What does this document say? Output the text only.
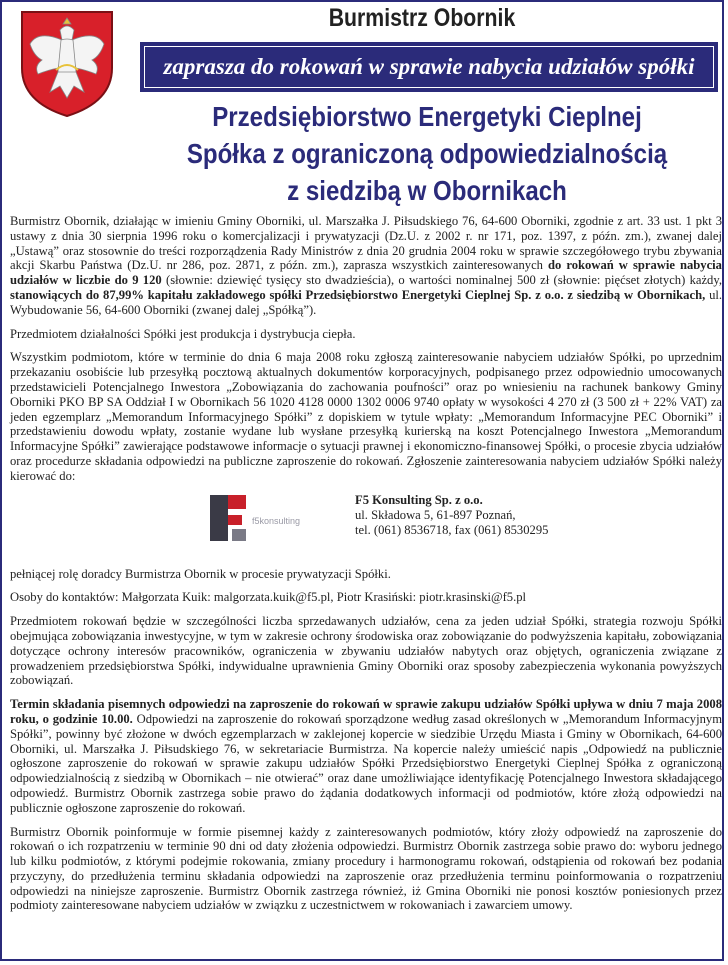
Burmistrz Obornik
zaprasza do rokowań w sprawie nabycia udziałów spółki
Przedsiębiorstwo Energetyki Cieplnej
Spółka z ograniczoną odpowiedzialnością
z siedzibą w Obornikach

Burmistrz Obornik, działając w imieniu Gminy Oborniki, ul. Marszałka J. Piłsudskiego 76, 64-600 Oborniki, zgodnie z art. 33 ust. 1 pkt 3 ustawy z dnia 30 sierpnia 1996 roku o komercjalizacji i prywatyzacji (Dz.U. z 2002 r. nr 171, poz. 1397, z późn. zm.), zwanej dalej „Ustawą” oraz stosownie do treści rozporządzenia Rady Ministrów z dnia 20 grudnia 2004 roku w sprawie szczegółowego trybu zbywania akcji Skarbu Państwa (Dz.U. nr 286, poz. 2871, z późn. zm.), zaprasza wszystkich zainteresowanych do rokowań w sprawie nabycia udziałów w liczbie do 9 120 (słownie: dziewięć tysięcy sto dwadzieścia), o wartości nominalnej 500 zł (słownie: pięćset złotych) każdy, stanowiących do 87,99% kapitału zakładowego spółki Przedsiębiorstwo Energetyki Cieplnej Sp. z o.o. z siedzibą w Obornikach, ul. Wybudowanie 56, 64-600 Oborniki (zwanej dalej „Spółką”).

Przedmiotem działalności Spółki jest produkcja i dystrybucja ciepła.

Wszystkim podmiotom, które w terminie do dnia 6 maja 2008 roku zgłoszą zainteresowanie nabyciem udziałów Spółki, po uprzednim przekazaniu osobiście lub przesyłką pocztową aktualnych dokumentów korporacyjnych, podpisanego przez odpowiednio umocowanych przedstawicieli Potencjalnego Inwestora „Zobowiązania do zachowania poufności” oraz po wniesieniu na rachunek bankowy Gminy Oborniki PKO BP SA Oddział I w Obornikach 56 1020 4128 0000 1302 0006 9740 opłaty w wysokości 4 270 zł (3 500 zł + 22% VAT) za jeden egzemplarz „Memorandum Informacyjnego Spółki” z dopiskiem w tytule wpłaty: „Memorandum Informacyjne PEC Oborniki” i przedstawieniu dowodu wpłaty, zostanie wydane lub wysłane przesyłką kurierską na koszt Potencjalnego Inwestora „Memorandum Informacyjne Spółki” zawierające podstawowe informacje o sytuacji prawnej i ekonomiczno-finansowej Spółki, o procesie zbycia udziałów oraz procedurze składania odpowiedzi na publiczne zaproszenie do rokowań. Zgłoszenie zainteresowania nabyciem udziałów Spółki należy kierować do:

f5konsulting
F5 Konsulting Sp. z o.o.
ul. Składowa 5, 61-897 Poznań,
tel. (061) 8536718, fax (061) 8530295

pełniącej rolę doradcy Burmistrza Obornik w procesie prywatyzacji Spółki.

Osoby do kontaktów: Małgorzata Kuik: malgorzata.kuik@f5.pl, Piotr Krasiński: piotr.krasinski@f5.pl

Przedmiotem rokowań będzie w szczególności liczba sprzedawanych udziałów, cena za jeden udział Spółki, strategia rozwoju Spółki obejmująca zobowiązania inwestycyjne, w tym w zakresie ochrony środowiska oraz zobowiązanie do podwyższenia kapitału, zobowiązania dotyczące ochrony interesów pracowników, ograniczenia w zbywaniu udziałów nabytych oraz objętych, ograniczenia związane z prowadzeniem przedsiębiorstwa Spółki, indywidualne uprawnienia Gminy Oborniki oraz sposoby zabezpieczenia wykonania powyższych zobowiązań.

Termin składania pisemnych odpowiedzi na zaproszenie do rokowań w sprawie zakupu udziałów Spółki upływa w dniu 7 maja 2008 roku, o godzinie 10.00. Odpowiedzi na zaproszenie do rokowań sporządzone według zasad określonych w „Memorandum Informacyjnym Spółki”, powinny być złożone w dwóch egzemplarzach w zaklejonej kopercie w siedzibie Urzędu Miasta i Gminy w Obornikach, 64-600 Oborniki, ul. Marszałka J. Piłsudskiego 76, w sekretariacie Burmistrza. Na kopercie należy umieścić napis „Odpowiedź na publicznie ogłoszone zaproszenie do rokowań w sprawie zakupu udziałów Spółki Przedsiębiorstwo Energetyki Cieplnej Spółka z ograniczoną odpowiedzialnością z siedzibą w Obornikach – nie otwierać” oraz dane umożliwiające identyfikację Potencjalnego Inwestora składającego odpowiedź. Burmistrz Obornik zastrzega sobie prawo do żądania dodatkowych informacji od podmiotów, które złożą odpowiedzi na publicznie ogłoszone zaproszenie do rokowań.

Burmistrz Obornik poinformuje w formie pisemnej każdy z zainteresowanych podmiotów, który złoży odpowiedź na zaproszenie do rokowań o ich rozpatrzeniu w terminie 90 dni od daty złożenia odpowiedzi. Burmistrz Obornik zastrzega sobie prawo do: wyboru jednego lub kilku podmiotów, z którymi podejmie rokowania, zmiany procedury i harmonogramu rokowań, odstąpienia od rokowań bez podania przyczyny, do przedłużenia terminu składania odpowiedzi na zaproszenie oraz przedłużenia terminu poinformowania o rozpatrzeniu odpowiedzi na niniejsze zaproszenie. Burmistrz Obornik zastrzega również, iż Gmina Oborniki nie ponosi kosztów poniesionych przez podmioty zainteresowane nabyciem udziałów w związku z uczestnictwem w rokowaniach i zawarciem umowy.
